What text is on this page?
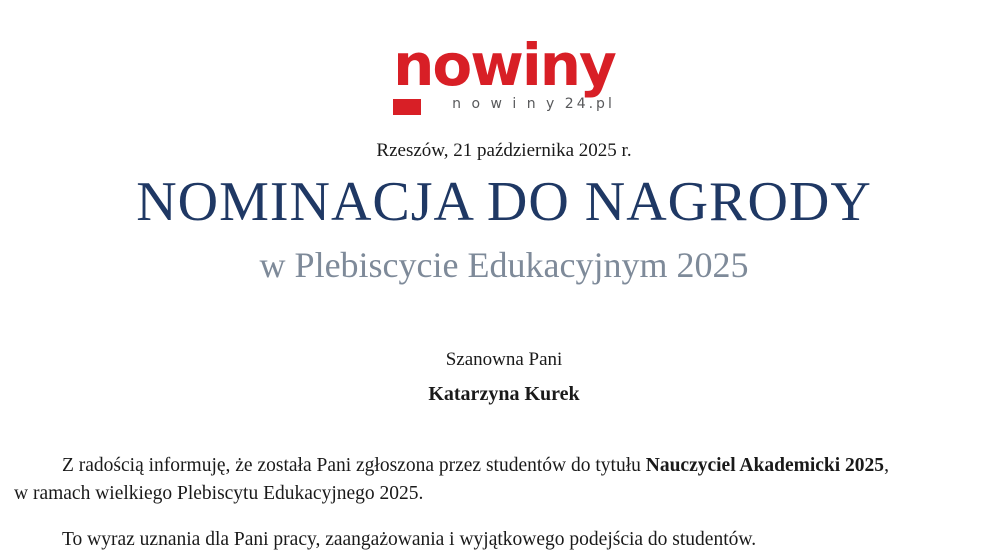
nowiny
n o w i n y 24.pl
Rzeszów, 21 października 2025 r.
NOMINACJA DO NAGRODY
w Plebiscycie Edukacyjnym 2025
Szanowna Pani
Katarzyna Kurek

Z radością informuję, że została Pani zgłoszona przez studentów do tytułu Nauczyciel Akademicki 2025,
w ramach wielkiego Plebiscytu Edukacyjnego 2025.

To wyraz uznania dla Pani pracy, zaangażowania i wyjątkowego podejścia do studentów.
